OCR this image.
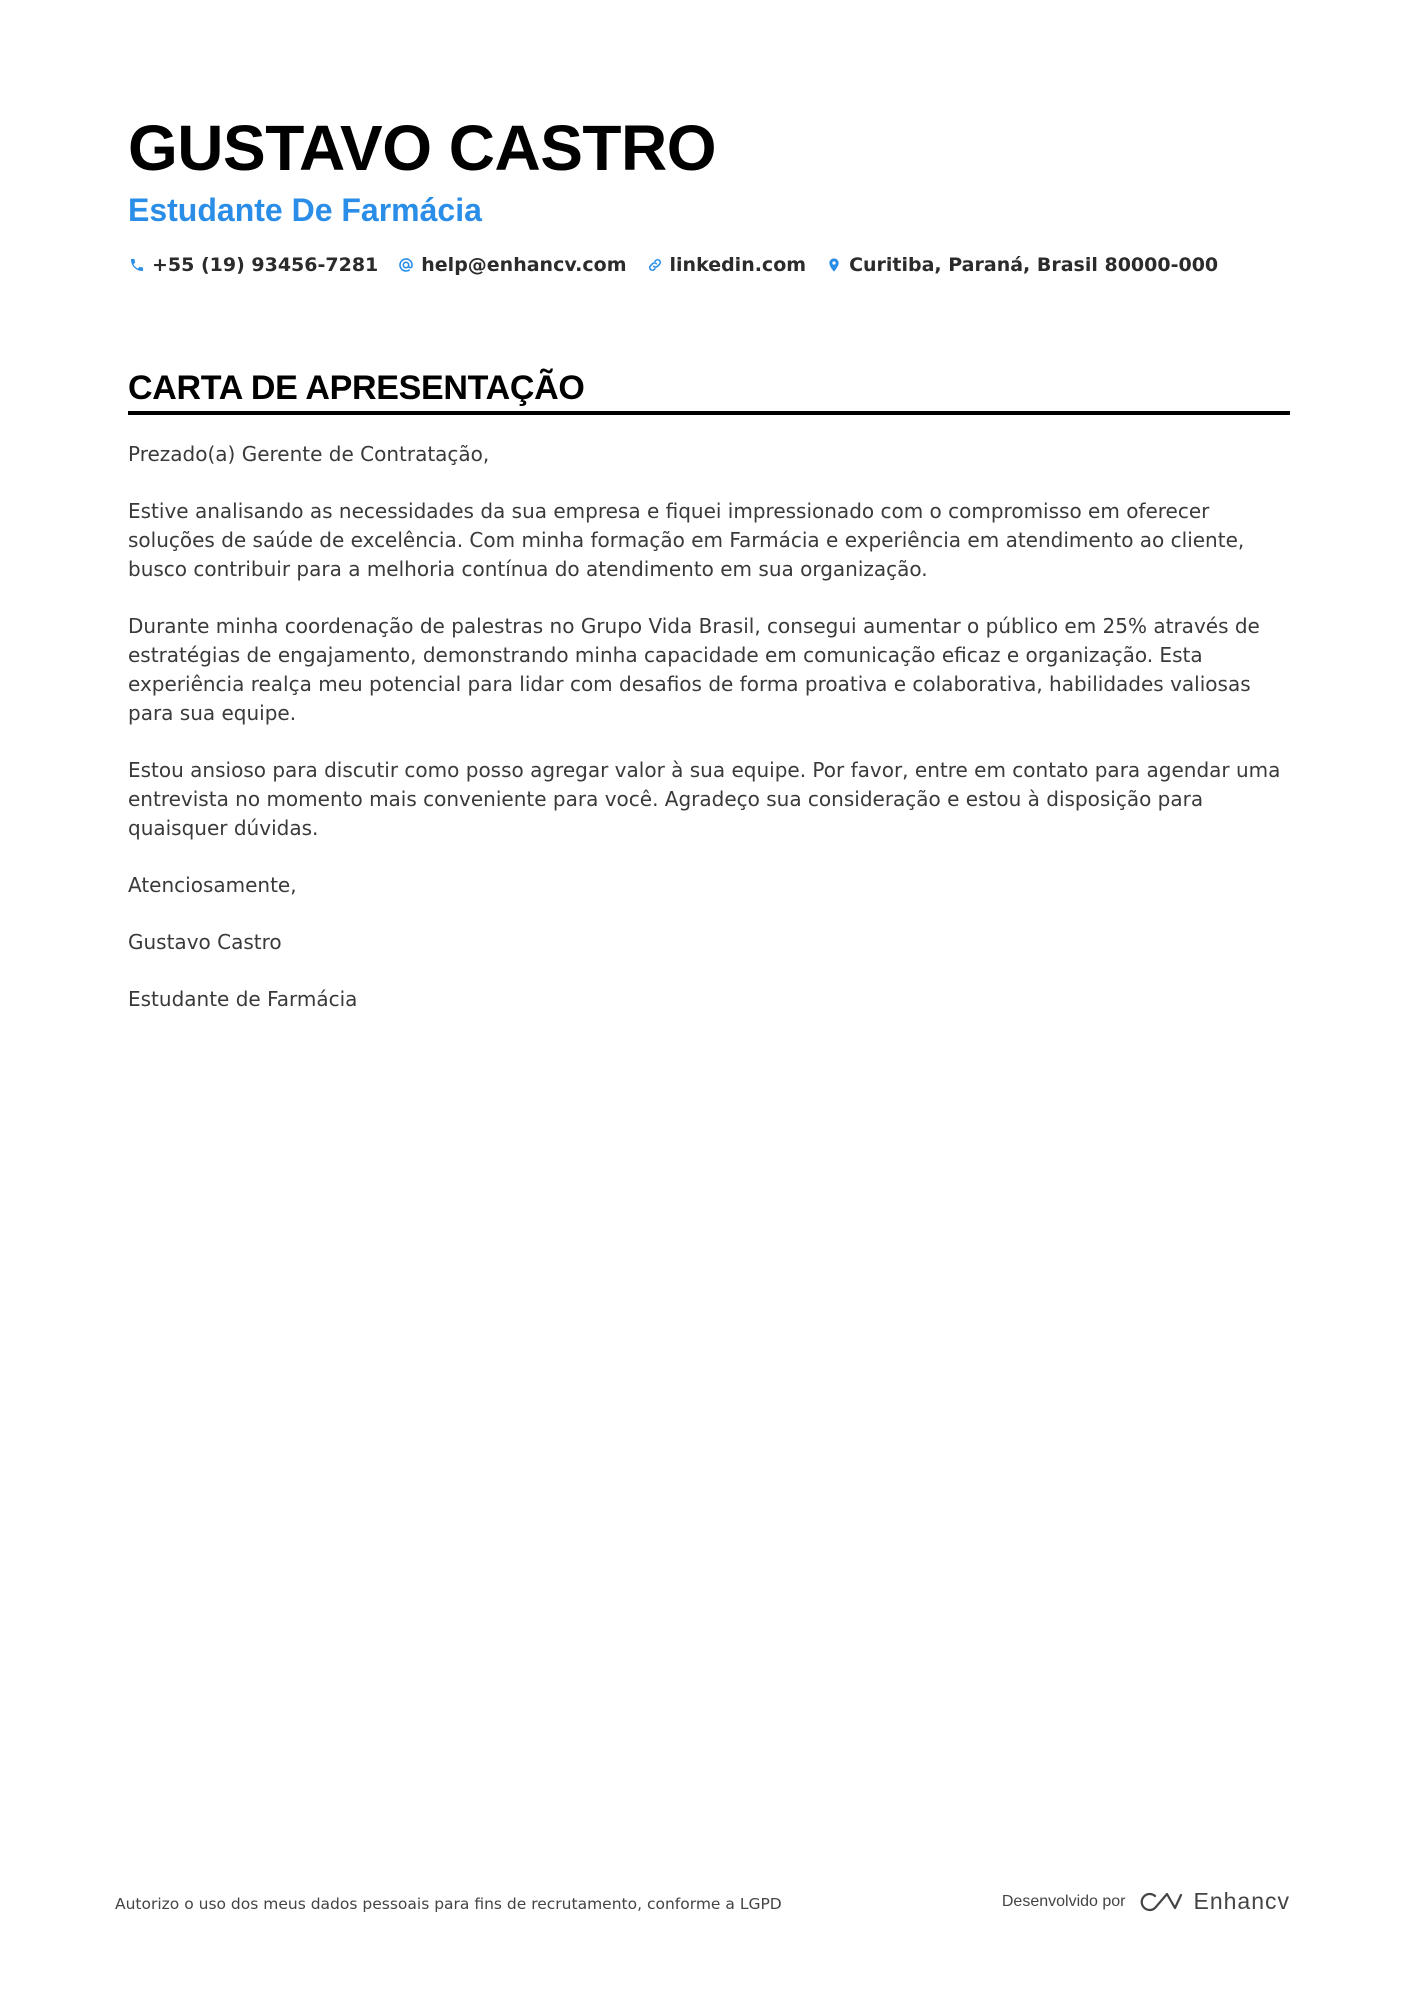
GUSTAVO CASTRO
Estudante De Farmácia
+55 (19) 93456-7281 help@enhancv.com linkedin.com Curitiba, Paraná, Brasil 80000-000
CARTA DE APRESENTAÇÃO

Prezado(a) Gerente de Contratação,

Estive analisando as necessidades da sua empresa e fiquei impressionado com o compromisso em oferecer soluções de saúde de excelência. Com minha formação em Farmácia e experiência em atendimento ao cliente, busco contribuir para a melhoria contínua do atendimento em sua organização.

Durante minha coordenação de palestras no Grupo Vida Brasil, consegui aumentar o público em 25% através de estratégias de engajamento, demonstrando minha capacidade em comunicação eficaz e organização. Esta experiência realça meu potencial para lidar com desafios de forma proativa e colaborativa, habilidades valiosas para sua equipe.

Estou ansioso para discutir como posso agregar valor à sua equipe. Por favor, entre em contato para agendar uma entrevista no momento mais conveniente para você. Agradeço sua consideração e estou à disposição para quaisquer dúvidas.

Atenciosamente,

Gustavo Castro

Estudante de Farmácia

Autorizo o uso dos meus dados pessoais para fins de recrutamento, conforme a LGPD	Desenvolvido por	Enhancv
